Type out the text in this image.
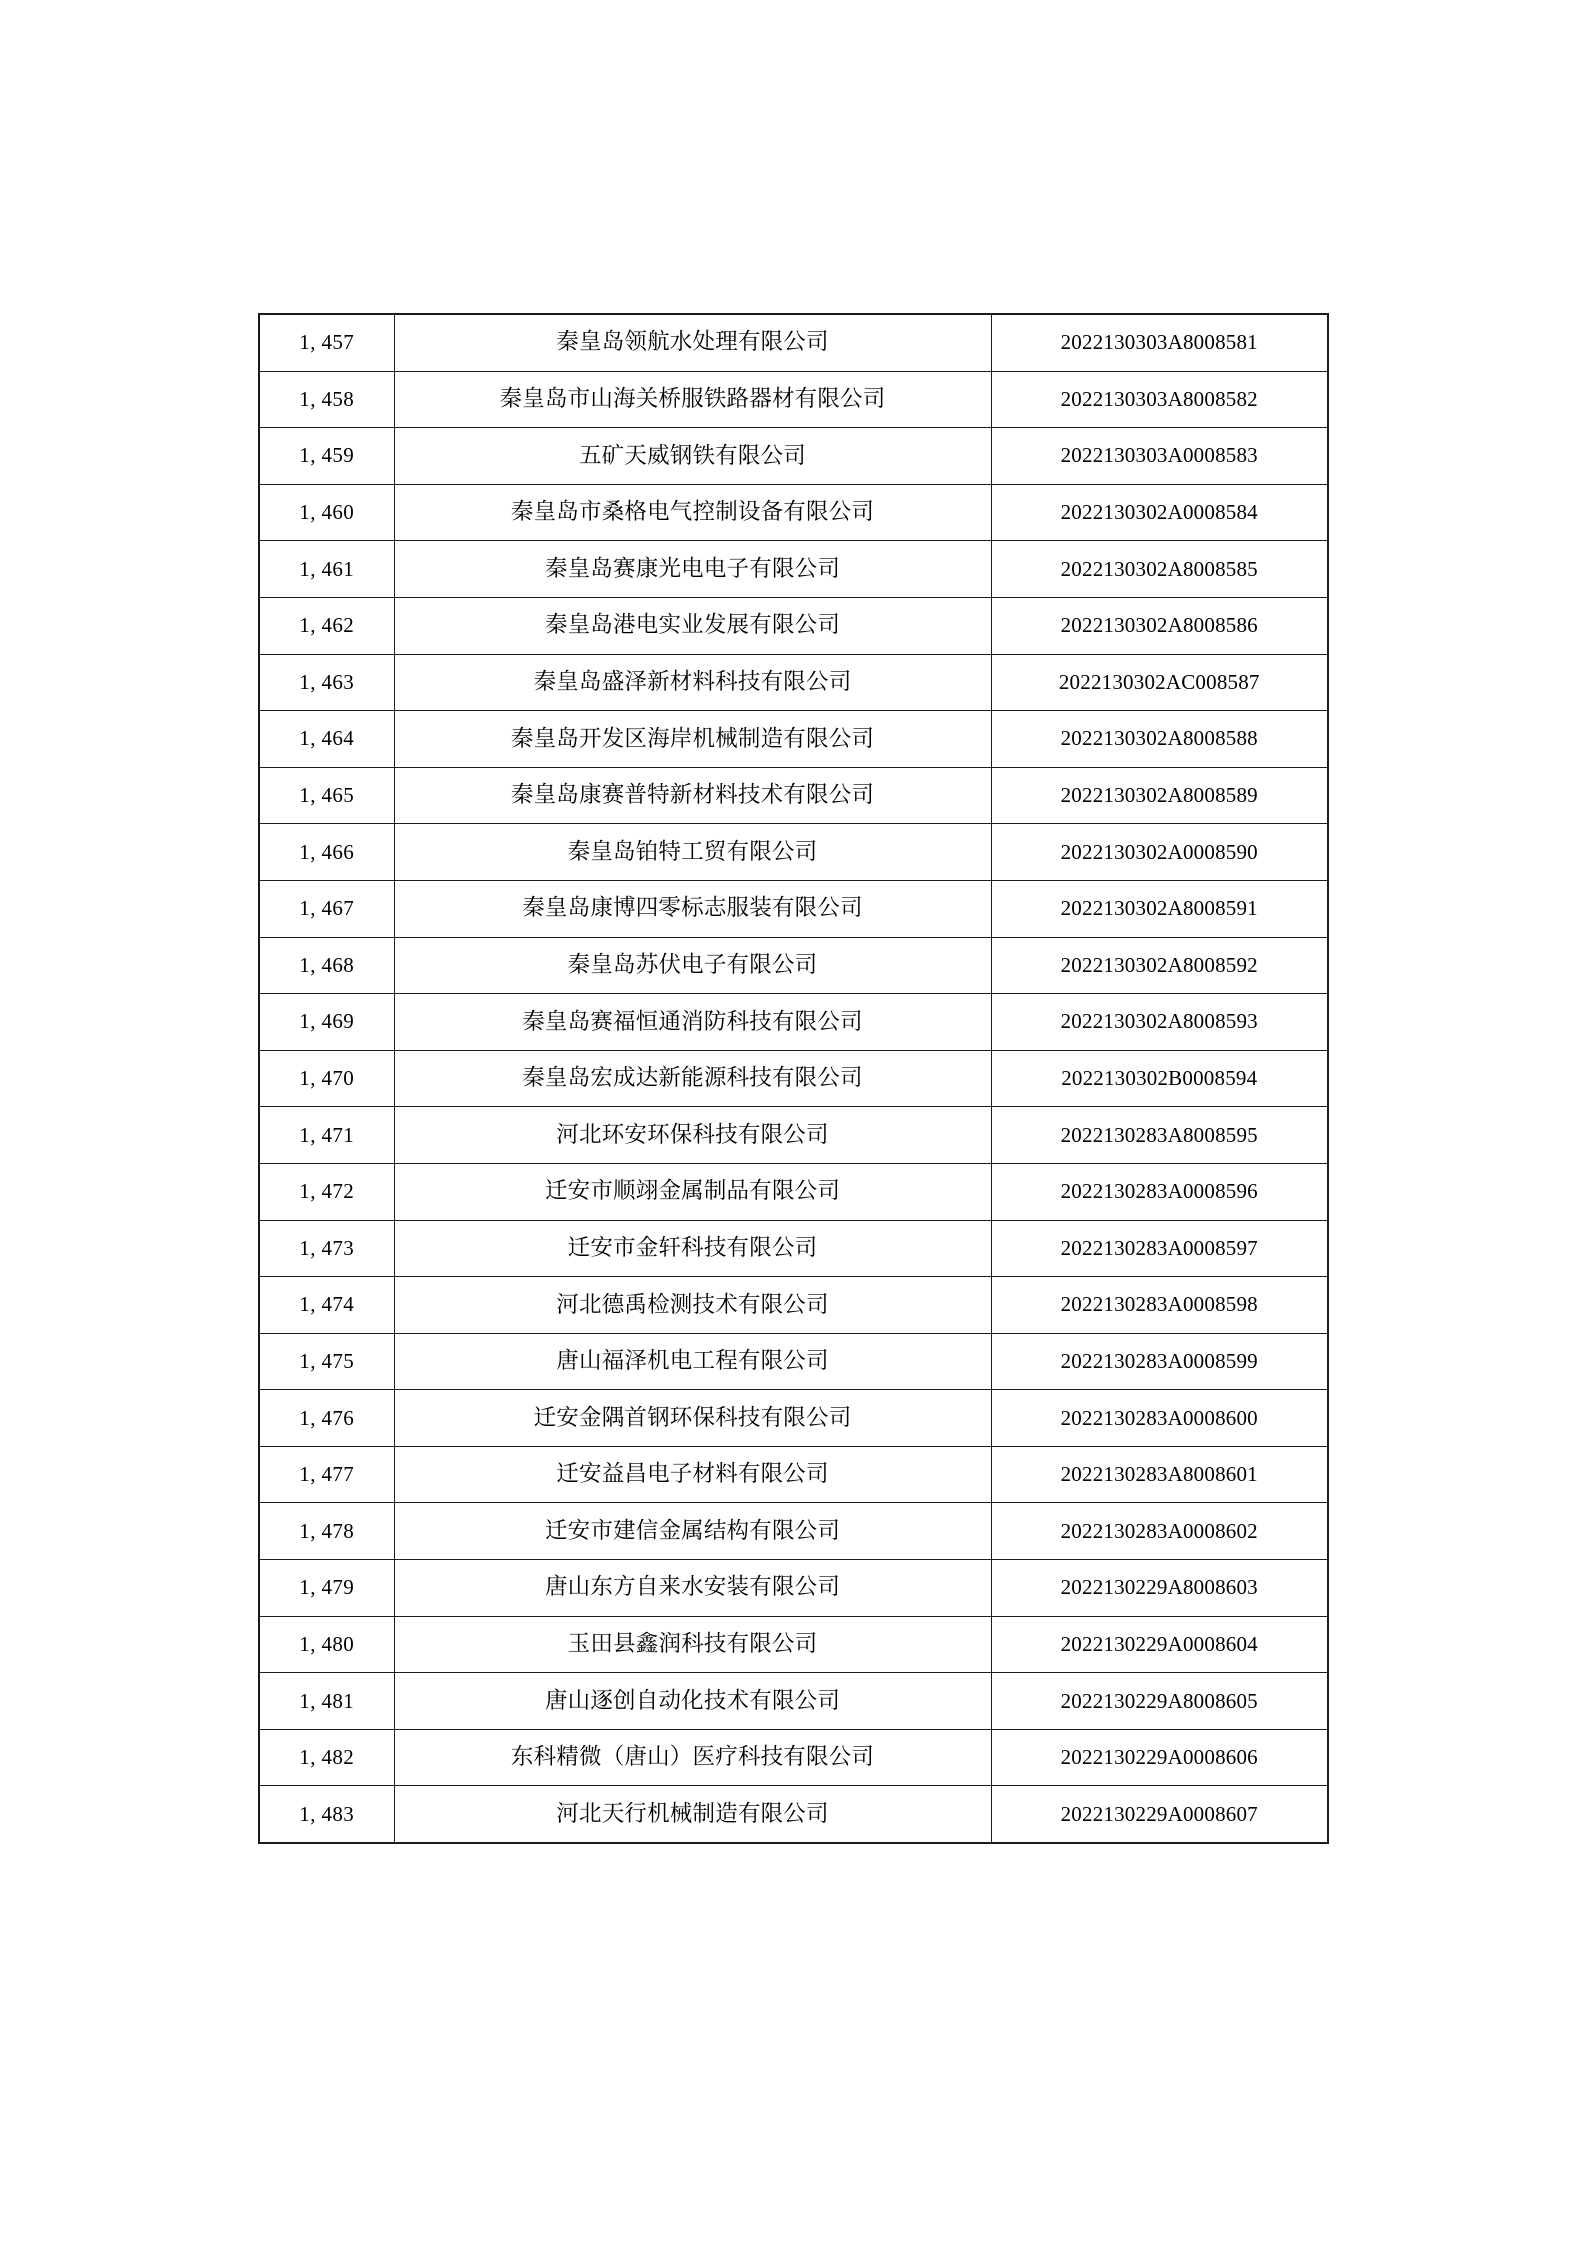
1, 457	秦皇岛领航水处理有限公司	2022130303A8008581
1, 458	秦皇岛市山海关桥服铁路器材有限公司	2022130303A8008582
1, 459	五矿天威钢铁有限公司	2022130303A0008583
1, 460	秦皇岛市桑格电气控制设备有限公司	2022130302A0008584
1, 461	秦皇岛赛康光电电子有限公司	2022130302A8008585
1, 462	秦皇岛港电实业发展有限公司	2022130302A8008586
1, 463	秦皇岛盛泽新材料科技有限公司	2022130302AC008587
1, 464	秦皇岛开发区海岸机械制造有限公司	2022130302A8008588
1, 465	秦皇岛康赛普特新材料技术有限公司	2022130302A8008589
1, 466	秦皇岛铂特工贸有限公司	2022130302A0008590
1, 467	秦皇岛康博四零标志服装有限公司	2022130302A8008591
1, 468	秦皇岛苏伏电子有限公司	2022130302A8008592
1, 469	秦皇岛赛福恒通消防科技有限公司	2022130302A8008593
1, 470	秦皇岛宏成达新能源科技有限公司	2022130302B0008594
1, 471	河北环安环保科技有限公司	2022130283A8008595
1, 472	迁安市顺翊金属制品有限公司	2022130283A0008596
1, 473	迁安市金轩科技有限公司	2022130283A0008597
1, 474	河北德禹检测技术有限公司	2022130283A0008598
1, 475	唐山福泽机电工程有限公司	2022130283A0008599
1, 476	迁安金隅首钢环保科技有限公司	2022130283A0008600
1, 477	迁安益昌电子材料有限公司	2022130283A8008601
1, 478	迁安市建信金属结构有限公司	2022130283A0008602
1, 479	唐山东方自来水安装有限公司	2022130229A8008603
1, 480	玉田县鑫润科技有限公司	2022130229A0008604
1, 481	唐山逐创自动化技术有限公司	2022130229A8008605
1, 482	东科精微（唐山）医疗科技有限公司	2022130229A0008606
1, 483	河北天行机械制造有限公司	2022130229A0008607
